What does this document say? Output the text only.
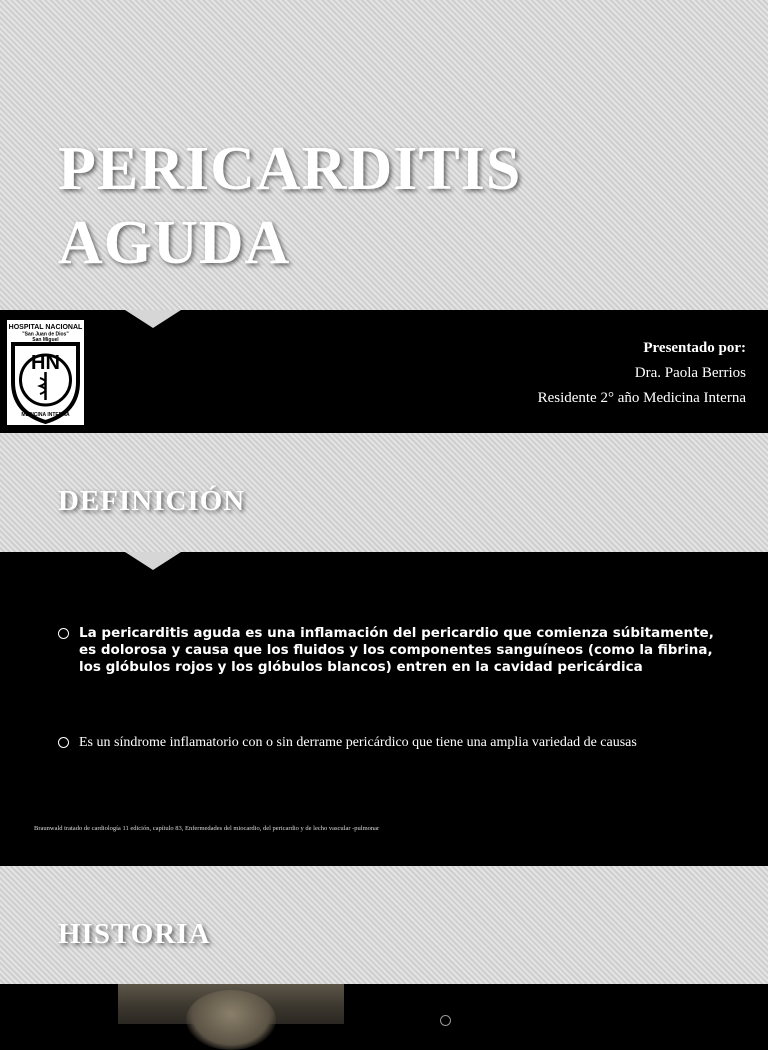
PERICARDITIS
AGUDA
HOSPITAL NACIONAL
"San Juan de Dios"
San Miguel
HN
MEDICINA INTERNA
Presentado por:
Dra. Paola Berrios
Residente 2° año Medicina Interna
DEFINICIÓN
La pericarditis aguda es una inflamación del pericardio que comienza súbitamente, es dolorosa y causa que los fluidos y los componentes sanguíneos (como la fibrina, los glóbulos rojos y los glóbulos blancos) entren en la cavidad pericárdica
Es un síndrome inflamatorio con o sin derrame pericárdico que tiene una amplia variedad de causas
Braunwald tratado de cardiología 11 edición, capítulo 83, Enfermedades del miocardio, del pericardio y de lecho vascular -pulmonar
HISTORIA
